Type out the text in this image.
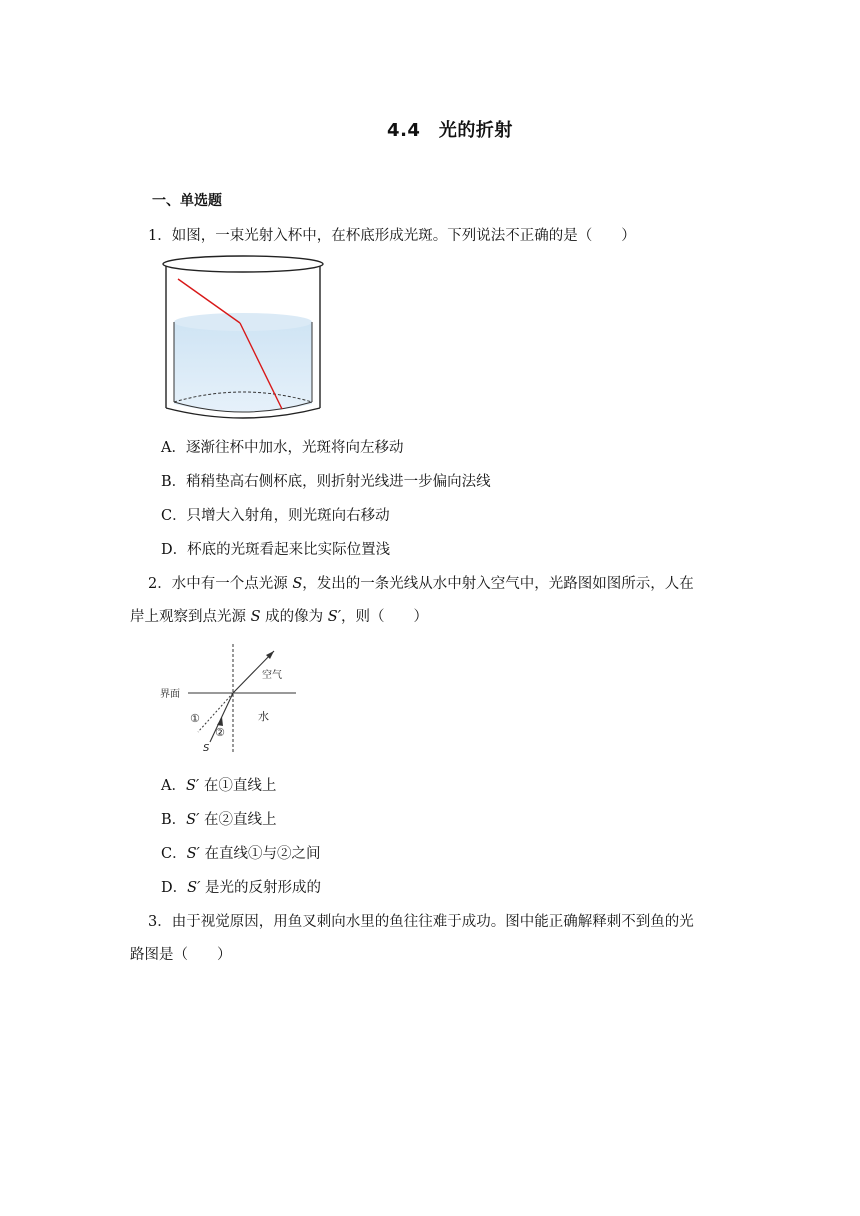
4.4　光的折射
一、单选题
1．如图，一束光射入杯中，在杯底形成光斑。下列说法不正确的是（　　）
A．逐渐往杯中加水，光斑将向左移动
B．稍稍垫高右侧杯底，则折射光线进一步偏向法线
C．只增大入射角，则光斑向右移动
D．杯底的光斑看起来比实际位置浅
2．水中有一个点光源 S，发出的一条光线从水中射入空气中，光路图如图所示，人在
岸上观察到点光源 S 成的像为 S′，则（　　）
界面
空气
水
①
②
S
A．S′ 在①直线上
B．S′ 在②直线上
C．S′ 在直线①与②之间
D．S′ 是光的反射形成的
3．由于视觉原因，用鱼叉刺向水里的鱼往往难于成功。图中能正确解释刺不到鱼的光
路图是（　　）
